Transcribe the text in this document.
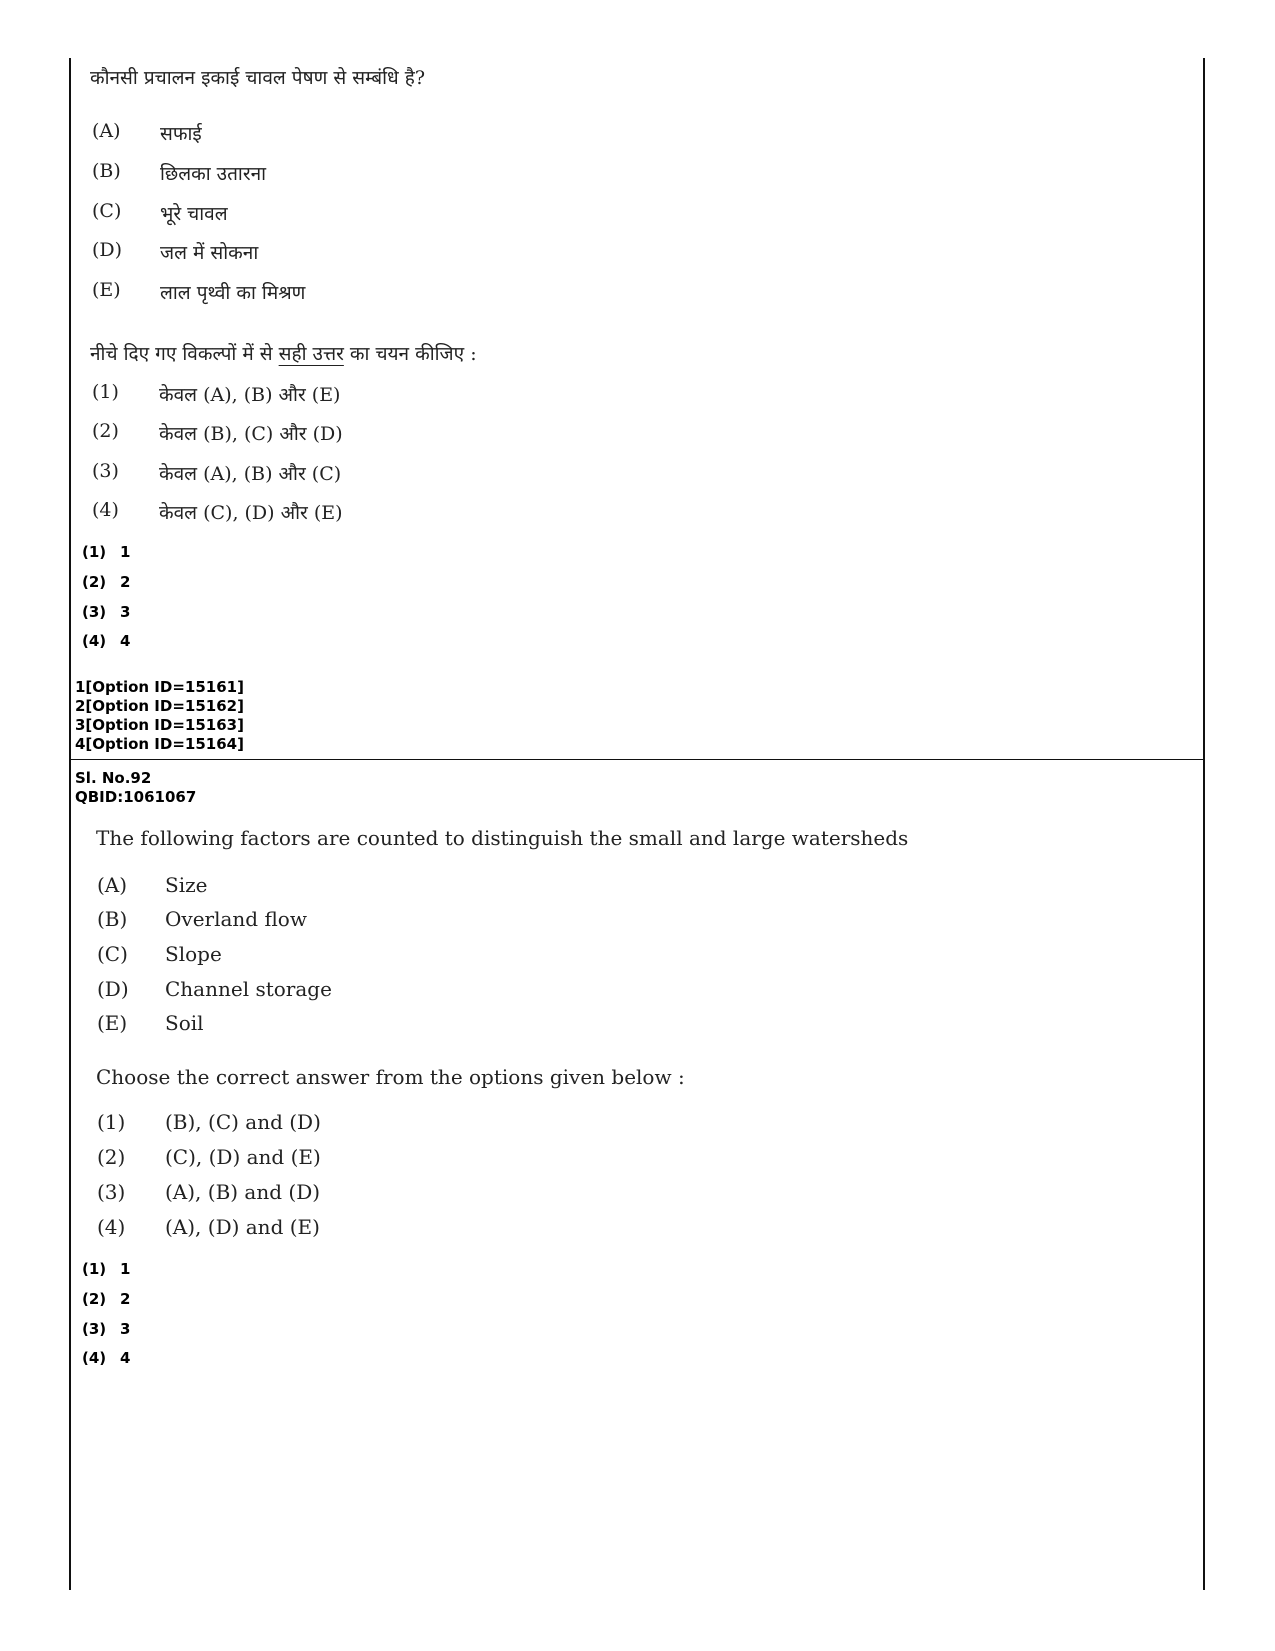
कौनसी प्रचालन इकाई चावल पेषण से सम्बंधि है?
(A) सफाई
(B) छिलका उतारना
(C) भूरे चावल
(D) जल में सोकना
(E) लाल पृथ्वी का मिश्रण
नीचे दिए गए विकल्पों में से सही उत्तर का चयन कीजिए :
(1) केवल (A), (B) और (E)
(2) केवल (B), (C) और (D)
(3) केवल (A), (B) और (C)
(4) केवल (C), (D) और (E)
(1) 1
(2) 2
(3) 3
(4) 4
1[Option ID=15161]
2[Option ID=15162]
3[Option ID=15163]
4[Option ID=15164]
Sl. No.92
QBID:1061067
The following factors are counted to distinguish the small and large watersheds
(A) Size
(B) Overland flow
(C) Slope
(D) Channel storage
(E) Soil
Choose the correct answer from the options given below :
(1) (B), (C) and (D)
(2) (C), (D) and (E)
(3) (A), (B) and (D)
(4) (A), (D) and (E)
(1) 1
(2) 2
(3) 3
(4) 4
